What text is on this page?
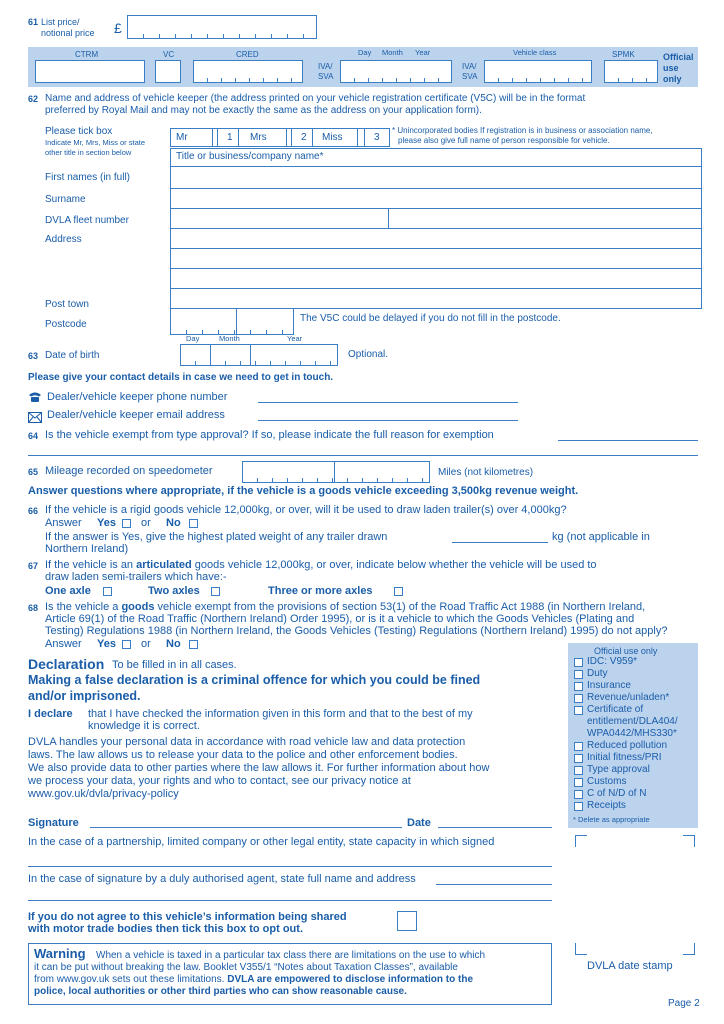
61 List price/
notional price £
CTRM	VC	CRED	Day Month Year	Vehicle class	SPMK	Official
use
only
IVA/
SVA
IVA/
SVA
62 Name and address of vehicle keeper (the address printed on your vehicle registration certificate (V5C) will be in the format
preferred by Royal Mail and may not be exactly the same as the address on your application form).
Please tick box
Indicate Mr, Mrs, Miss or state
other title in section below
Mr	1 Mrs	2 Miss	3
* Unincorporated bodies If registration is in business or association name,
please also give full name of person responsible for vehicle.
Title or business/company name*
First names (in full)
Surname
DVLA fleet number
Address
Post town
Postcode
The V5C could be delayed if you do not fill in the postcode.
Day	Month	Year
63 Date of birth	Optional.
Please give your contact details in case we need to get in touch.
Dealer/vehicle keeper phone number
Dealer/vehicle keeper email address
64 Is the vehicle exempt from type approval? If so, please indicate the full reason for exemption
65 Mileage recorded on speedometer	Miles (not kilometres)
Answer questions where appropriate, if the vehicle is a goods vehicle exceeding 3,500kg revenue weight.
66 If the vehicle is a rigid goods vehicle 12,000kg, or over, will it be used to draw laden trailer(s) over 4,000kg?
Answer Yes or No
If the answer is Yes, give the highest plated weight of any trailer drawn	kg (not applicable in
Northern Ireland)
67 If the vehicle is an articulated goods vehicle 12,000kg, or over, indicate below whether the vehicle will be used to
draw laden semi-trailers which have:-
One axle	Two axles	Three or more axles
68 Is the vehicle a goods vehicle exempt from the provisions of section 53(1) of the Road Traffic Act 1988 (in Northern Ireland,
Article 69(1) of the Road Traffic (Northern Ireland) Order 1995), or is it a vehicle to which the Goods Vehicles (Plating and
Testing) Regulations 1988 (in Northern Ireland, the Goods Vehicles (Testing) Regulations (Northern Ireland) 1995) do not apply?
Answer Yes or No
Official use only
IDC: V959*
Duty
Insurance
Revenue/unladen*
Certificate of
entitlement/DLA404/
WPA0442/MHS330*
Reduced pollution
Initial fitness/PRI
Type approval
Customs
C of N/D of N
Receipts
* Delete as appropriate
Declaration To be filled in in all cases.
Making a false declaration is a criminal offence for which you could be fined
and/or imprisoned.
I declare that I have checked the information given in this form and that to the best of my
knowledge it is correct.
DVLA handles your personal data in accordance with road vehicle law and data protection
laws. The law allows us to release your data to the police and other enforcement bodies.
We also provide data to other parties where the law allows it. For further information about how
we process your data, your rights and who to contact, see our privacy notice at
www.gov.uk/dvla/privacy-policy
Signature	Date
In the case of a partnership, limited company or other legal entity, state capacity in which signed
In the case of signature by a duly authorised agent, state full name and address
If you do not agree to this vehicle’s information being shared
with motor trade bodies then tick this box to opt out.
Warning When a vehicle is taxed in a particular tax class there are limitations on the use to which
it can be put without breaking the law. Booklet V355/1 “Notes about Taxation Classes”, available
from www.gov.uk sets out these limitations. DVLA are empowered to disclose information to the
police, local authorities or other third parties who can show reasonable cause.
DVLA date stamp
Page 2
